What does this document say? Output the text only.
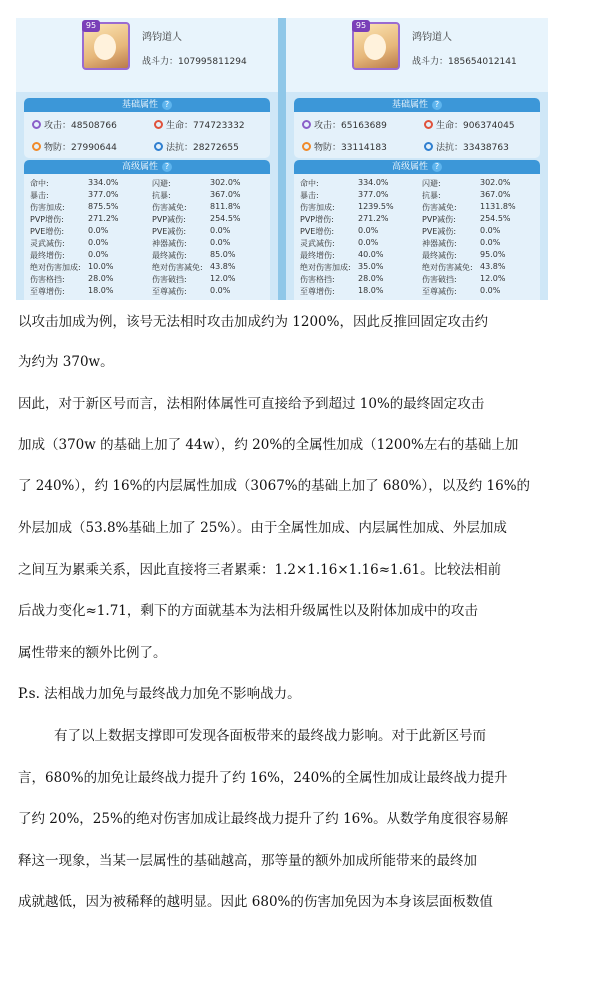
95
鸿钧道人
战斗力：107995811294
基础属性 ?
攻击：48508766	生命：774723332
物防：27990644	法抗：28272655
高级属性 ?
命中:	334.0%	闪避:	302.0%
暴击:	377.0%	抗暴:	367.0%
伤害加成:	875.5%	伤害减免:	811.8%
PVP增伤:	271.2%	PVP减伤:	254.5%
PVE增伤:	0.0%	PVE减伤:	0.0%
灵武减伤:	0.0%	神器减伤:	0.0%
最终增伤:	0.0%	最终减伤:	85.0%
绝对伤害加成: 10.0%	绝对伤害减免: 43.8%
伤害格挡:	28.0%	伤害破挡:	12.0%
至尊增伤:	18.0%	至尊减伤:	0.0%
95
鸿钧道人
战斗力：185654012141
基础属性 ?
攻击：65163689	生命：906374045
物防：33114183	法抗：33438763
高级属性 ?
命中:	334.0%	闪避:	302.0%
暴击:	377.0%	抗暴:	367.0%
伤害加成:	1239.5%	伤害减免:	1131.8%
PVP增伤:	271.2%	PVP减伤:	254.5%
PVE增伤:	0.0%	PVE减伤:	0.0%
灵武减伤:	0.0%	神器减伤:	0.0%
最终增伤:	40.0%	最终减伤:	95.0%
绝对伤害加成: 35.0%	绝对伤害减免: 43.8%
伤害格挡:	28.0%	伤害破挡:	12.0%
至尊增伤:	18.0%	至尊减伤:	0.0%
以攻击加成为例，该号无法相时攻击加成约为 1200%，因此反推回固定攻击约
为约为 370w。
因此，对于新区号而言，法相附体属性可直接给予到超过 10%的最终固定攻击
加成（370w 的基础上加了 44w），约 20%的全属性加成（1200%左右的基础上加
了 240%），约 16%的内层属性加成（3067%的基础上加了 680%），以及约 16%的
外层加成（53.8%基础上加了 25%）。由于全属性加成、内层属性加成、外层加成
之间互为累乘关系，因此直接将三者累乘：1.2×1.16×1.16≈1.61。比较法相前
后战力变化≈1.71，剩下的方面就基本为法相升级属性以及附体加成中的攻击
属性带来的额外比例了。
P.s. 法相战力加免与最终战力加免不影响战力。
有了以上数据支撑即可发现各面板带来的最终战力影响。对于此新区号而
言，680%的加免让最终战力提升了约 16%，240%的全属性加成让最终战力提升
了约 20%，25%的绝对伤害加成让最终战力提升了约 16%。从数学角度很容易解
释这一现象，当某一层属性的基础越高，那等量的额外加成所能带来的最终加
成就越低，因为被稀释的越明显。因此 680%的伤害加免因为本身该层面板数值
